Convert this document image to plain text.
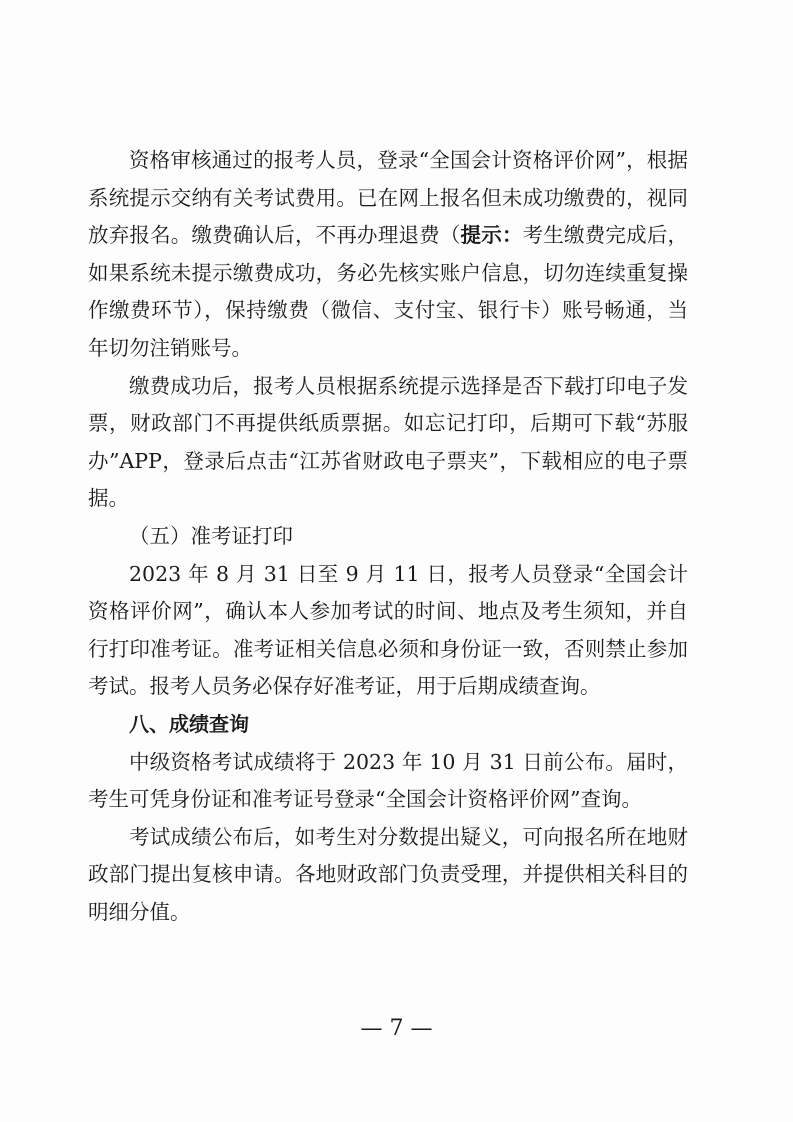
资格审核通过的报考人员，登录“全国会计资格评价网”，根据系统提示交纳有关考试费用。已在网上报名但未成功缴费的，视同放弃报名。缴费确认后，不再办理退费（提示：考生缴费完成后，如果系统未提示缴费成功，务必先核实账户信息，切勿连续重复操作缴费环节），保持缴费（微信、支付宝、银行卡）账号畅通，当年切勿注销账号。

缴费成功后，报考人员根据系统提示选择是否下载打印电子发票，财政部门不再提供纸质票据。如忘记打印，后期可下载“苏服办”APP，登录后点击“江苏省财政电子票夹”，下载相应的电子票据。

（五）准考证打印

2023 年 8 月 31 日至 9 月 11 日，报考人员登录“全国会计资格评价网”，确认本人参加考试的时间、地点及考生须知，并自行打印准考证。准考证相关信息必须和身份证一致，否则禁止参加考试。报考人员务必保存好准考证，用于后期成绩查询。

八、成绩查询

中级资格考试成绩将于 2023 年 10 月 31 日前公布。届时，考生可凭身份证和准考证号登录“全国会计资格评价网”查询。

考试成绩公布后，如考生对分数提出疑义，可向报名所在地财政部门提出复核申请。各地财政部门负责受理，并提供相关科目的明细分值。

— 7 —
